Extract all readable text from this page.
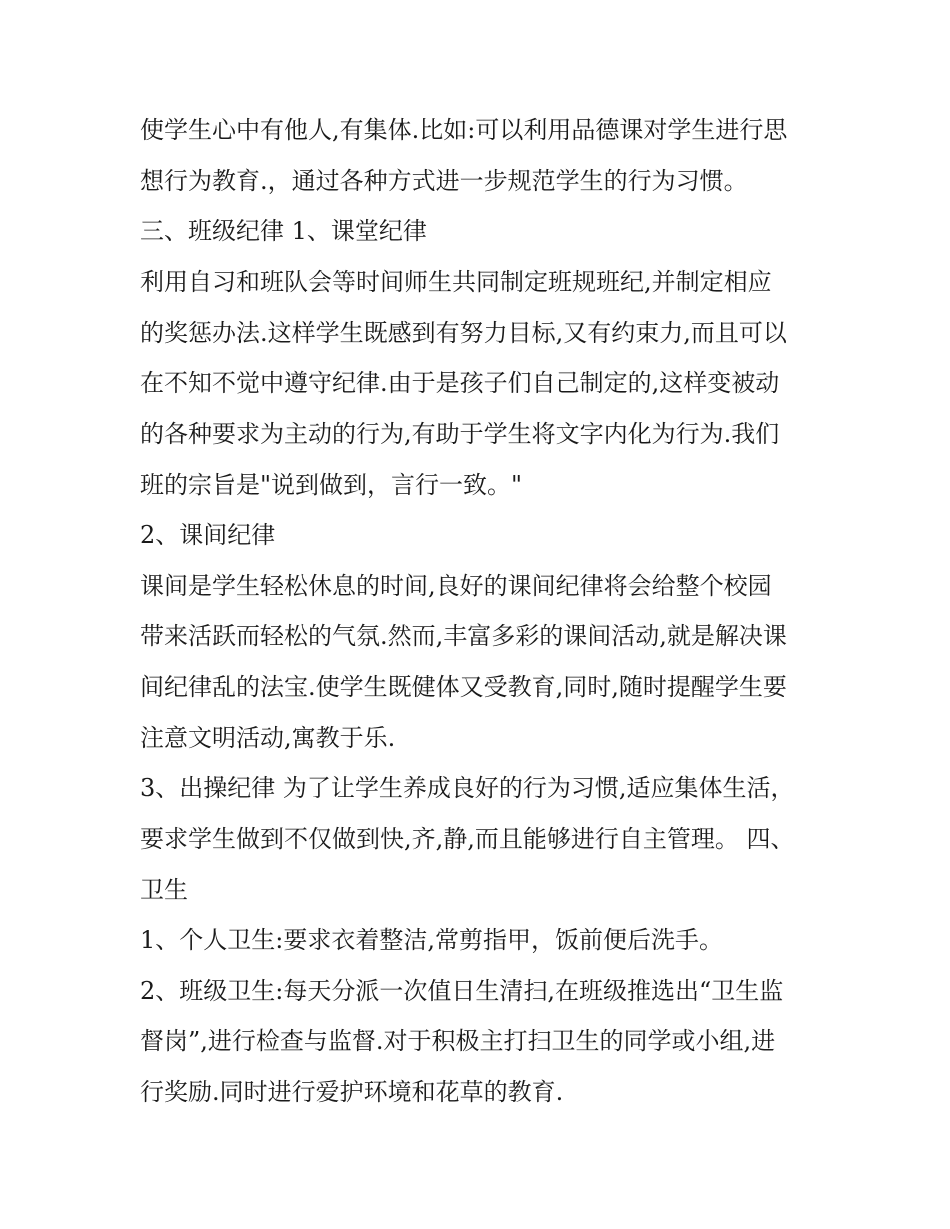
使学生心中有他人,有集体.比如:可以利用品德课对学生进行思
想行为教育.，通过各种方式进一步规范学生的行为习惯。
三、班级纪律 1、课堂纪律
利用自习和班队会等时间师生共同制定班规班纪,并制定相应
的奖惩办法.这样学生既感到有努力目标,又有约束力,而且可以
在不知不觉中遵守纪律.由于是孩子们自己制定的,这样变被动
的各种要求为主动的行为,有助于学生将文字内化为行为.我们
班的宗旨是"说到做到，言行一致。"
2、课间纪律
课间是学生轻松休息的时间,良好的课间纪律将会给整个校园
带来活跃而轻松的气氛.然而,丰富多彩的课间活动,就是解决课
间纪律乱的法宝.使学生既健体又受教育,同时,随时提醒学生要
注意文明活动,寓教于乐.
3、出操纪律 为了让学生养成良好的行为习惯,适应集体生活，
要求学生做到不仅做到快,齐,静,而且能够进行自主管理。 四、
卫生
1、个人卫生:要求衣着整洁,常剪指甲，饭前便后洗手。
2、班级卫生:每天分派一次值日生清扫,在班级推选出“卫生监
督岗”,进行检查与监督.对于积极主打扫卫生的同学或小组,进
行奖励.同时进行爱护环境和花草的教育.
